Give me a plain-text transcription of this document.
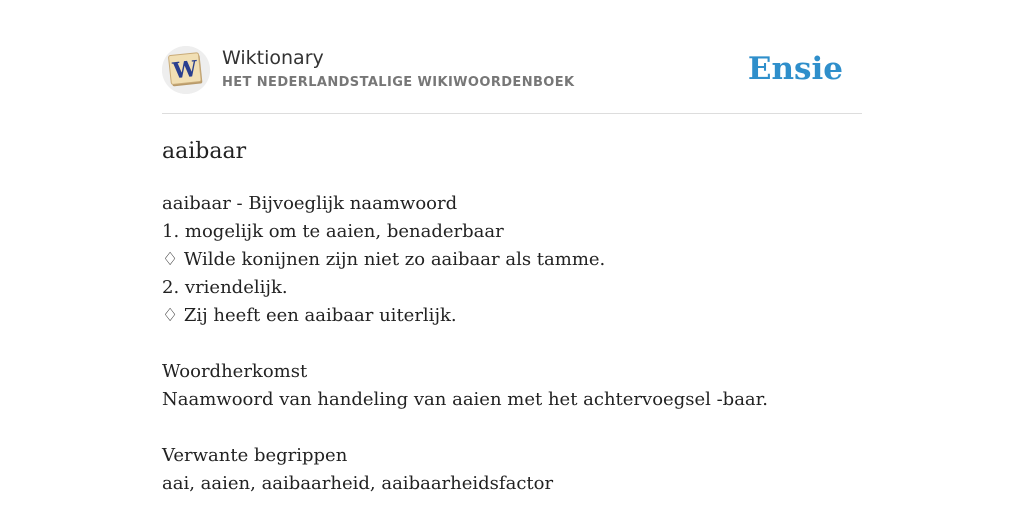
W Wiktionary
HET NEDERLANDSTALIGE WIKIWOORDENBOEK	Ensie
aaibaar
aaibaar - Bijvoeglijk naamwoord
1. mogelijk om te aaien, benaderbaar
♢ Wilde konijnen zijn niet zo aaibaar als tamme.
2. vriendelijk.
♢ Zij heeft een aaibaar uiterlijk.
Woordherkomst
Naamwoord van handeling van aaien met het achtervoegsel -baar.
Verwante begrippen
aai, aaien, aaibaarheid, aaibaarheidsfactor
